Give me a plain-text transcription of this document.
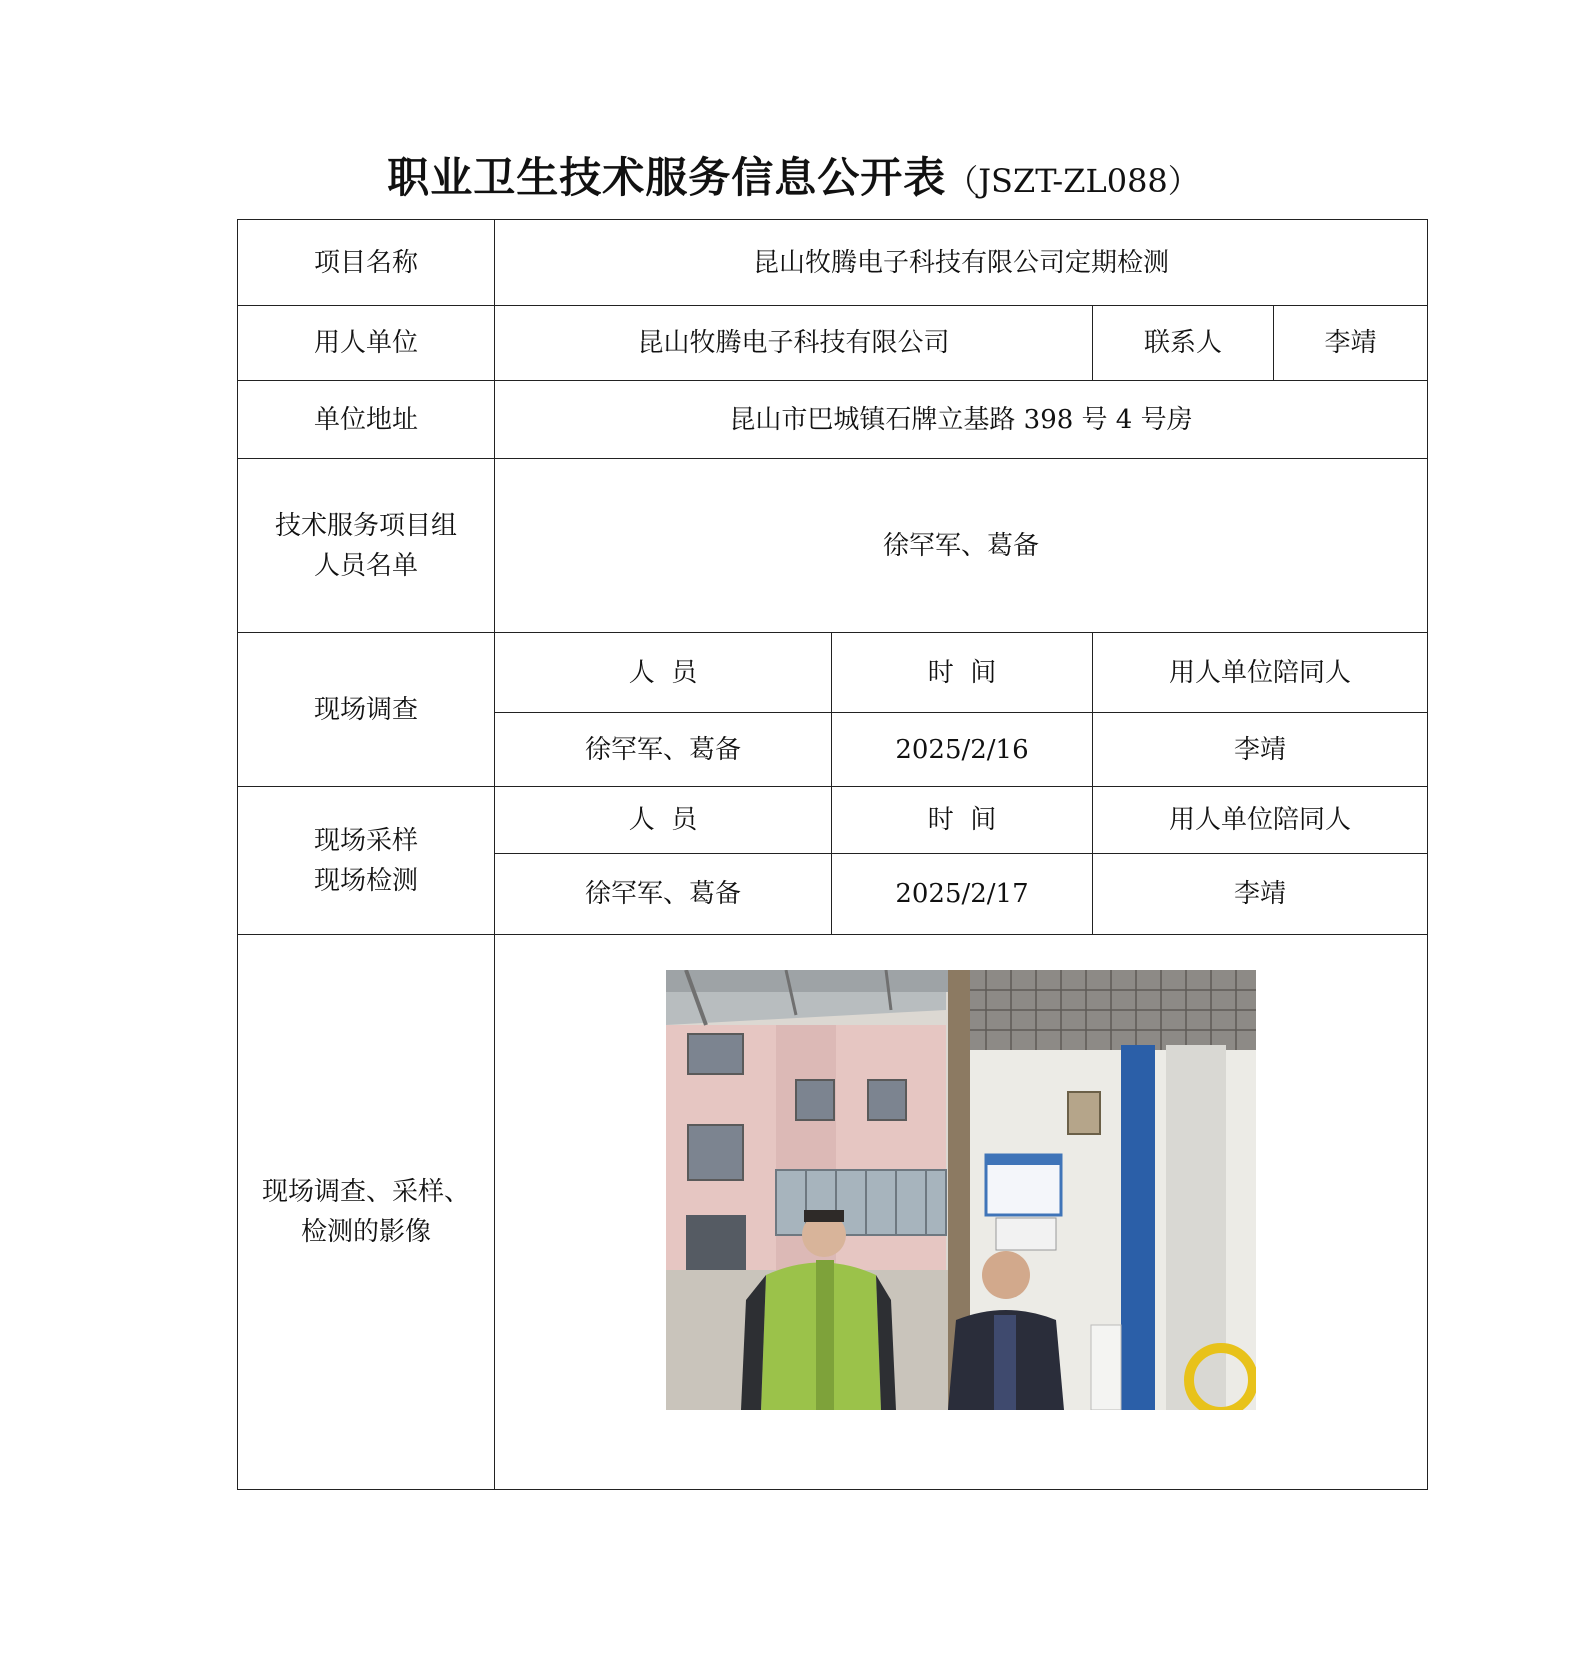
职业卫生技术服务信息公开表（JSZT-ZL088）
项目名称	昆山牧腾电子科技有限公司定期检测			
用人单位	昆山牧腾电子科技有限公司		联系人	李靖
单位地址	昆山市巴城镇石牌立基路 398 号 4 号房			

技术服务项目组
人员名单	徐罕军、葛备			
现场调查	人  员	时  间	用人单位陪同人	
	徐罕军、葛备	2025/2/16	李靖	

现场采样
现场检测	人  员	时  间	用人单位陪同人	
	徐罕军、葛备	2025/2/17	李靖	

现场调查、采样、
检测的影像
